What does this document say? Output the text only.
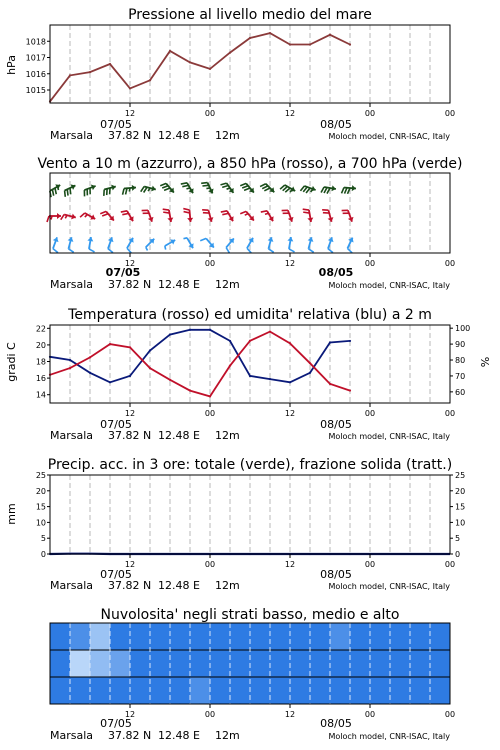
Pressione al livello medio del mare
hPa
1015
1016
1017
1018
12	00	12	00	00
07/05	08/05
Marsala 37.82 N 12.48 E 12m	Moloch model, CNR-ISAC, Italy
Vento a 10 m (azzurro), a 850 hPa (rosso), a 700 hPa (verde)
12	00	12	00	00
07/05	08/05
Marsala 37.82 N 12.48 E 12m	Moloch model, CNR-ISAC, Italy
Temperatura (rosso) ed umidita' relativa (blu) a 2 m
gradi C	%
14
16
18
20
22
60
70
80
90
100
12	00	12	00	00
07/05	08/05
Marsala 37.82 N 12.48 E 12m	Moloch model, CNR-ISAC, Italy
Precip. acc. in 3 ore: totale (verde), frazione solida (tratt.)
mm
0
5
10
15
20
25
0
5
10
15
20
25
12	00	12	00	00
07/05	08/05
Marsala 37.82 N 12.48 E 12m	Moloch model, CNR-ISAC, Italy
Nuvolosita' negli strati basso, medio e alto
12	00	12	00	00
07/05	08/05
Marsala 37.82 N 12.48 E 12m	Moloch model, CNR-ISAC, Italy
